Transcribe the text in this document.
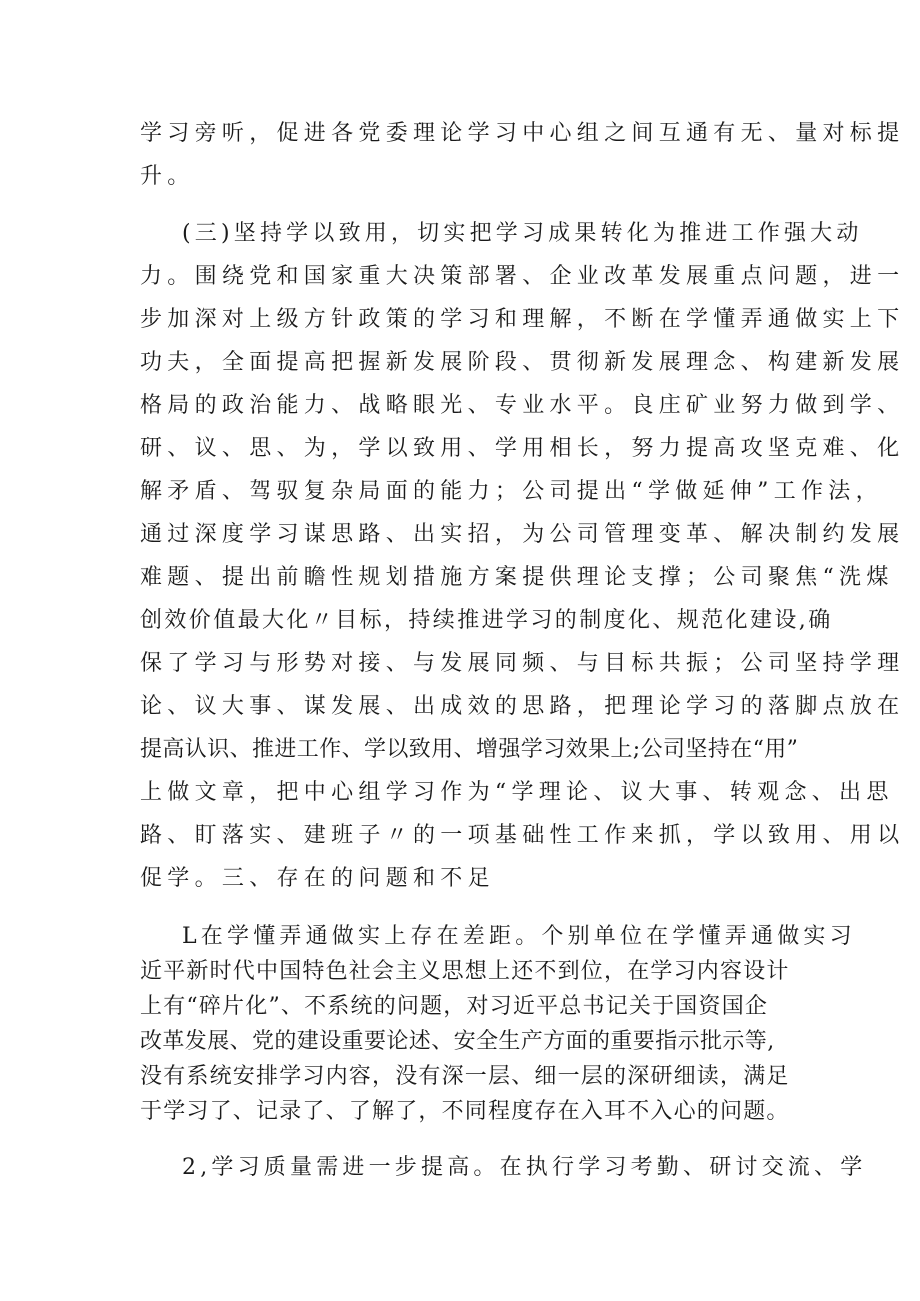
学习旁听，促进各党委理论学习中心组之间互通有无、量对标提
升。
(三)坚持学以致用，切实把学习成果转化为推进工作强大动
力。围绕党和国家重大决策部署、企业改革发展重点问题，进一
步加深对上级方针政策的学习和理解，不断在学懂弄通做实上下
功夫，全面提高把握新发展阶段、贯彻新发展理念、构建新发展
格局的政治能力、战略眼光、专业水平。良庄矿业努力做到学、
研、议、思、为，学以致用、学用相长，努力提高攻坚克难、化
解矛盾、驾驭复杂局面的能力；公司提出“学做延伸”工作法，
通过深度学习谋思路、出实招，为公司管理变革、解决制约发展
难题、提出前瞻性规划措施方案提供理论支撑；公司聚焦“洗煤
创效价值最大化〃目标，持续推进学习的制度化、规范化建设,确
保了学习与形势对接、与发展同频、与目标共振；公司坚持学理
论、议大事、谋发展、出成效的思路，把理论学习的落脚点放在
提高认识、推进工作、学以致用、增强学习效果上;公司坚持在“用”
上做文章，把中心组学习作为“学理论、议大事、转观念、出思
路、盯落实、建班子〃的一项基础性工作来抓，学以致用、用以
促学。三、存在的问题和不足
L在学懂弄通做实上存在差距。个别单位在学懂弄通做实习
近平新时代中国特色社会主义思想上还不到位，在学习内容设计
上有“碎片化”、不系统的问题，对习近平总书记关于国资国企
改革发展、党的建设重要论述、安全生产方面的重要指示批示等,
没有系统安排学习内容，没有深一层、细一层的深研细读，满足
于学习了、记录了、了解了，不同程度存在入耳不入心的问题。
2,学习质量需进一步提高。在执行学习考勤、研讨交流、学
